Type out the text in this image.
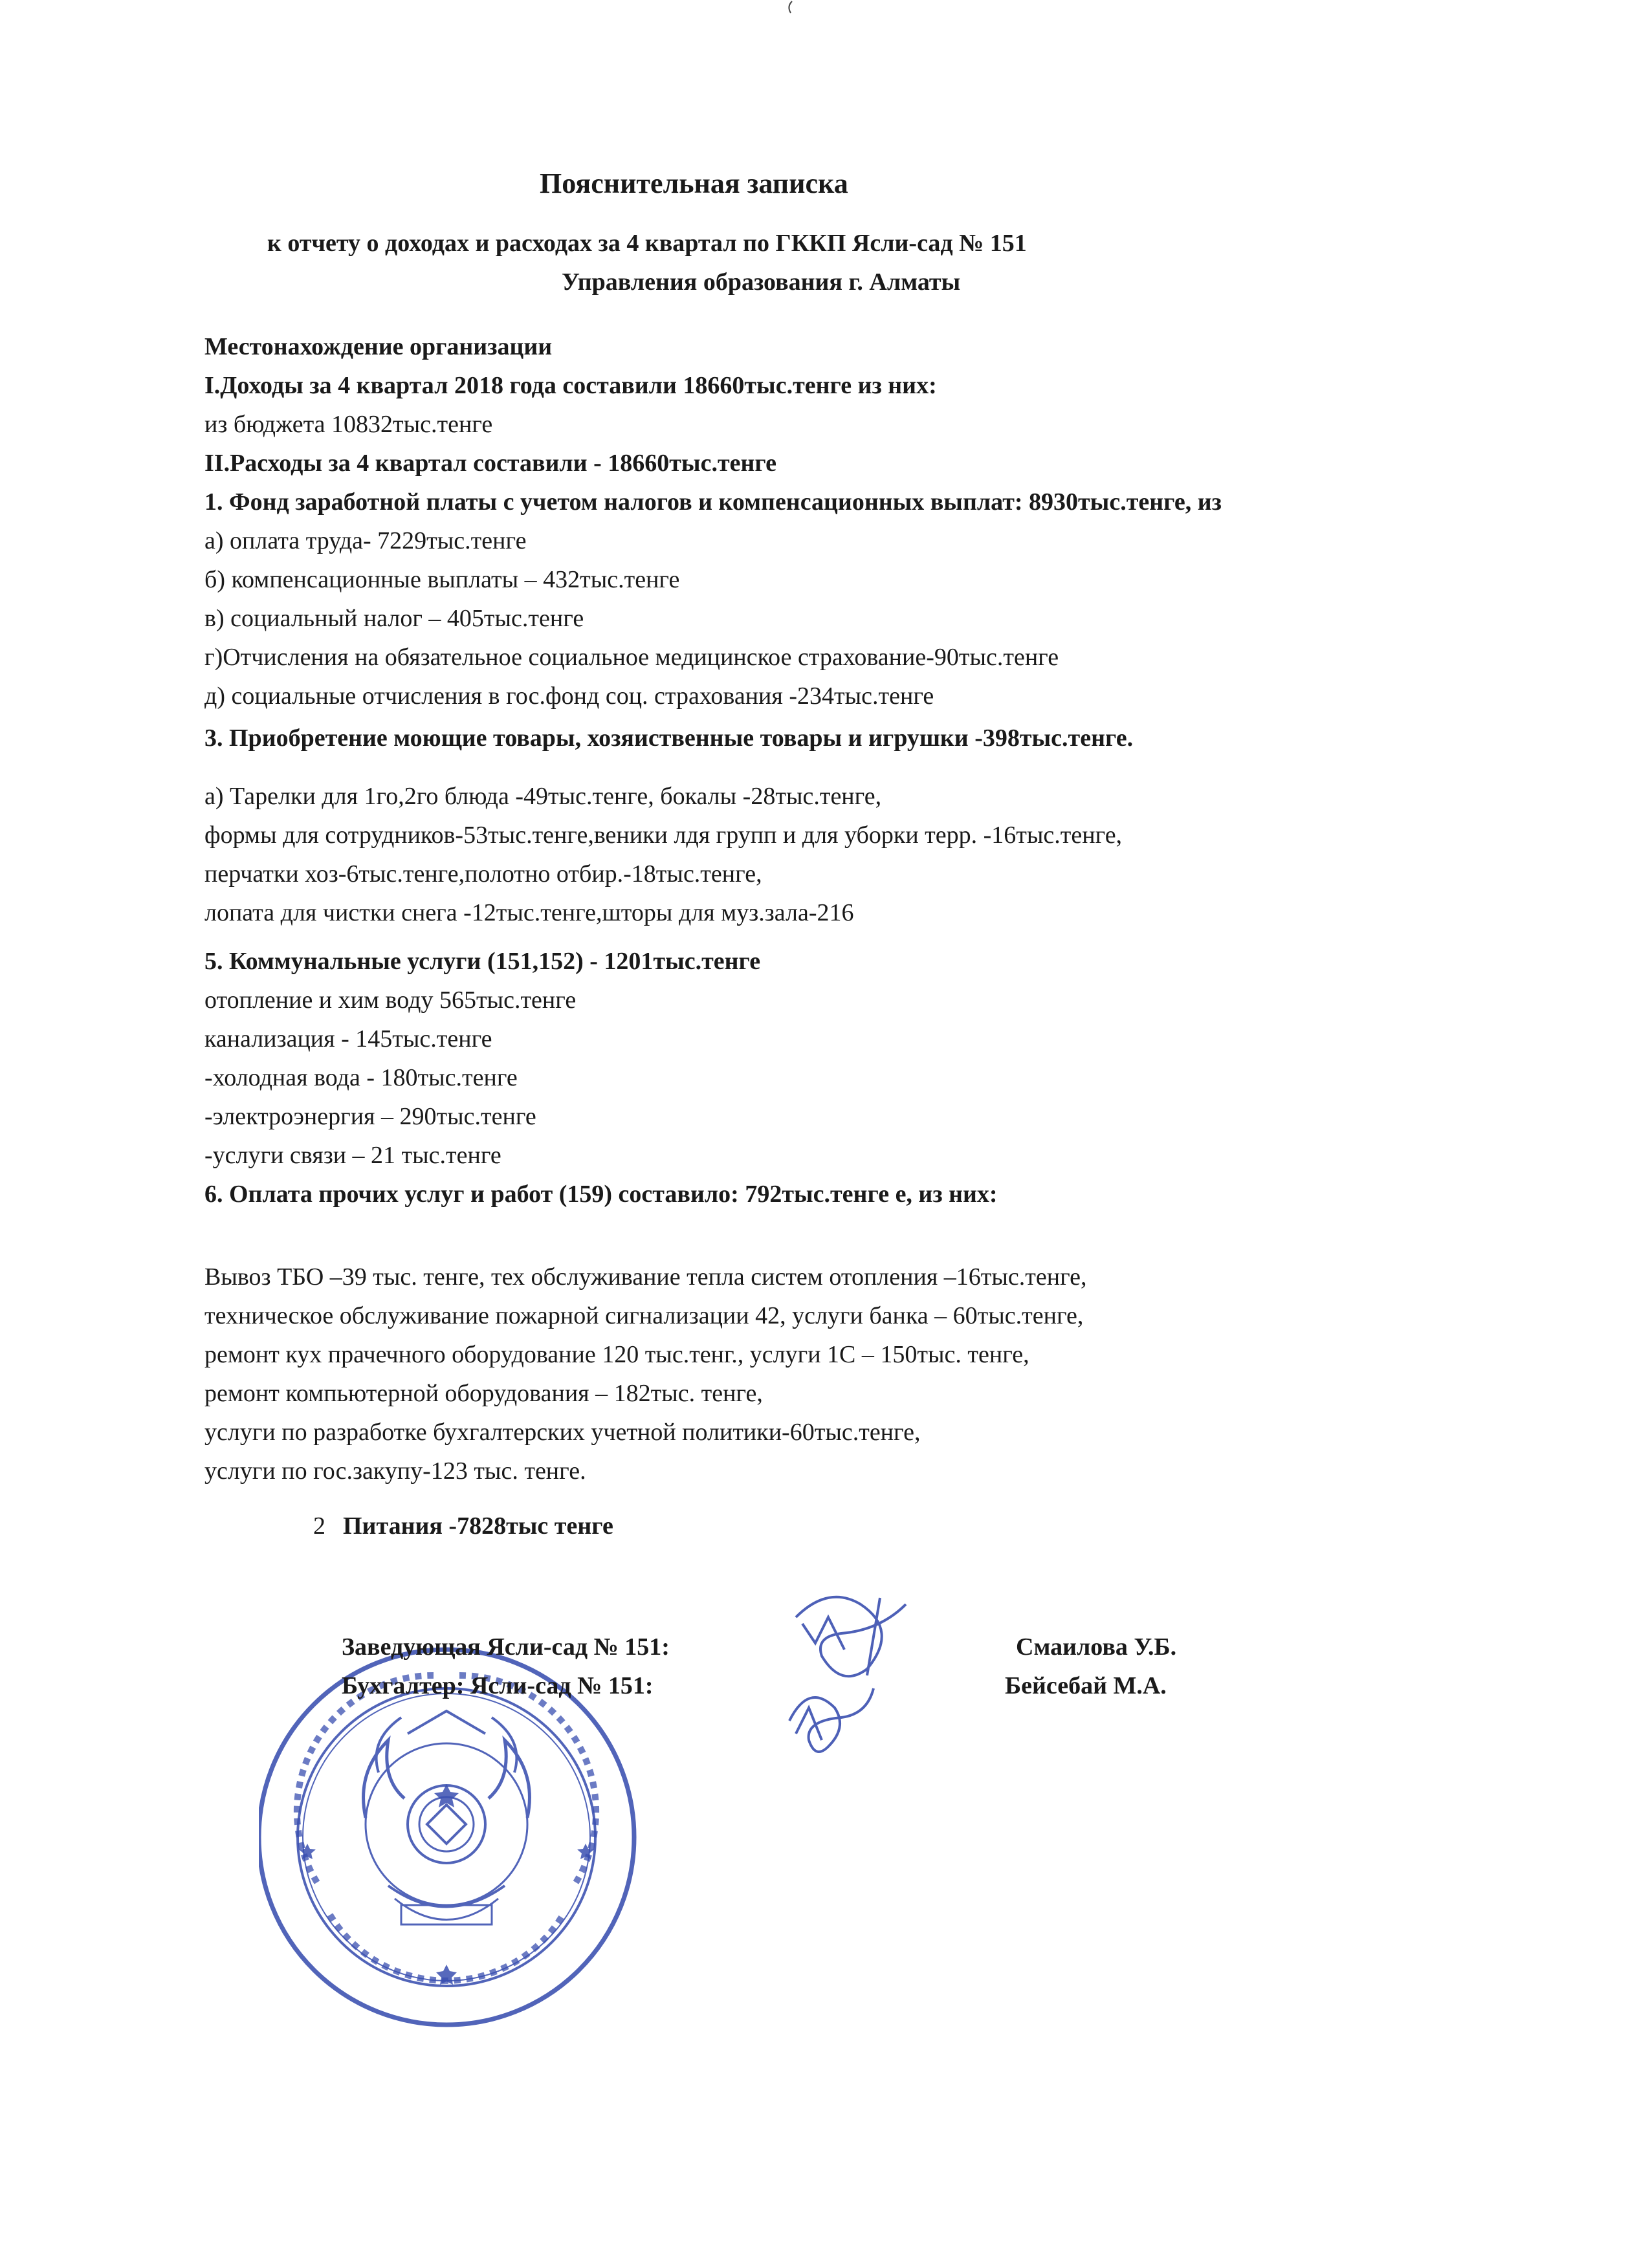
Пояснительная записка
к отчету о доходах и расходах за 4 квартал по ГККП Ясли-сад № 151
Управления образования г. Алматы
Местонахождение организации
I.Доходы за 4 квартал 2018 года составили 18660тыс.тенге из них:
из бюджета 10832тыс.тенге
II.Расходы за 4 квартал составили - 18660тыс.тенге
1. Фонд заработной платы с учетом налогов и компенсационных выплат: 8930тыс.тенге, из
а) оплата труда- 7229тыс.тенге
б) компенсационные выплаты – 432тыс.тенге
в) социальный налог – 405тыс.тенге
г)Отчисления на обязательное социальное медицинское страхование-90тыс.тенге
д) социальные отчисления в гос.фонд соц. страхования -234тыс.тенге
3. Приобретение моющие товары, хозяиственные товары и игрушки -398тыс.тенге.
а) Тарелки для 1го,2го блюда -49тыс.тенге, бокалы -28тыс.тенге,
формы для сотрудников-53тыс.тенге,веники лдя групп и для уборки терр. -16тыс.тенге,
перчатки хоз-6тыс.тенге,полотно отбир.-18тыс.тенге,
лопата для чистки снега -12тыс.тенге,шторы для муз.зала-216
5. Коммунальные услуги (151,152) - 1201тыс.тенге
отопление и хим воду 565тыс.тенге
канализация - 145тыс.тенге
-холодная вода - 180тыс.тенге
-электроэнергия – 290тыс.тенге
-услуги связи – 21 тыс.тенге
6. Оплата прочих услуг и работ (159) составило: 792тыс.тенге е, из них:
Вывоз ТБО –39 тыс. тенге, тех обслуживание тепла систем отопления –16тыс.тенге,
техническое обслуживание пожарной сигнализации 42, услуги банка – 60тыс.тенге,
ремонт кух прачечного оборудование 120 тыс.тенг., услуги 1С – 150тыс. тенге,
ремонт компьютерной оборудования – 182тыс. тенге,
услуги по разработке бухгалтерских учетной политики-60тыс.тенге,
услуги по гос.закупу-123 тыс. тенге.
2 Питания -7828тыс тенге
Заведующая Ясли-сад № 151:	Смаилова У.Б.
Бухгалтер: Ясли-сад № 151:	Бейсебай М.А.
